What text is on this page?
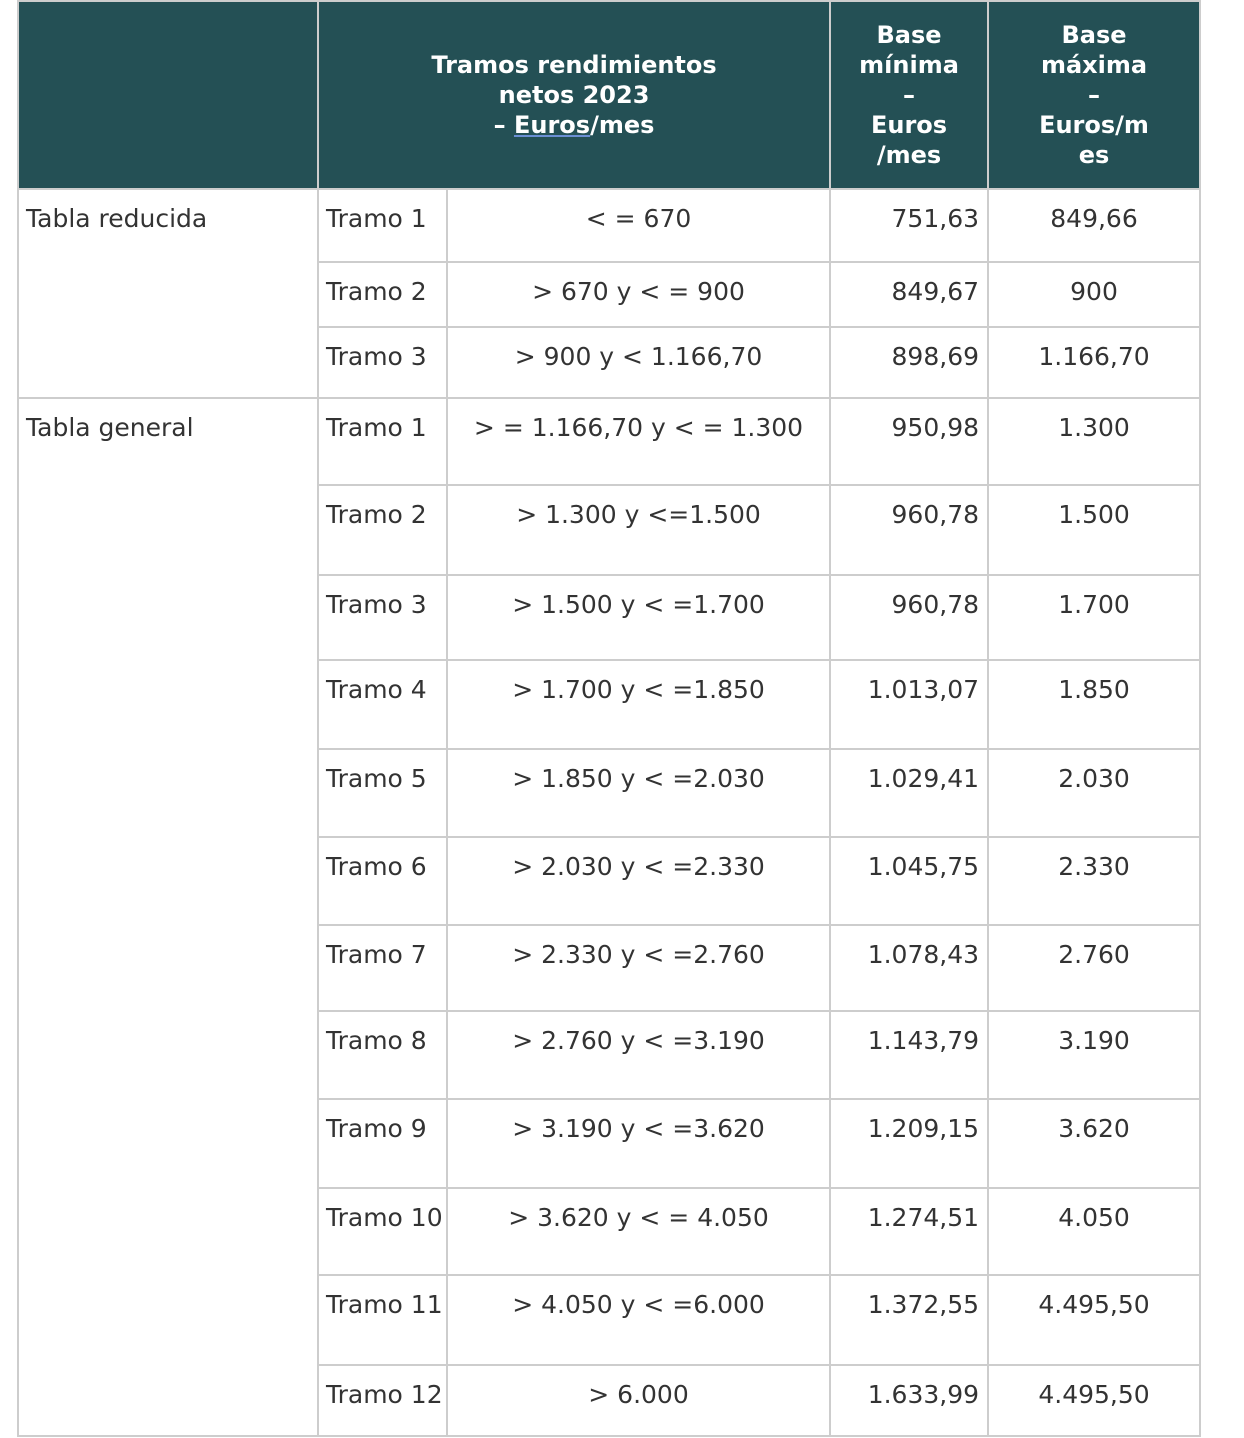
	Tramos rendimientos
netos 2023
– Euros/mes		Base
mínima
–
Euros
/mes	Base
máxima
–
Euros/m
es

Tabla reducida	Tramo 1	< = 670	751,63	849,66
	Tramo 2	> 670 y < = 900	849,67	900
	Tramo 3	> 900 y < 1.166,70	898,69	1.166,70
Tabla general	Tramo 1	> = 1.166,70 y < = 1.300	950,98	1.300
	Tramo 2	> 1.300 y <=1.500	960,78	1.500
	Tramo 3	> 1.500 y < =1.700	960,78	1.700
	Tramo 4	> 1.700 y < =1.850	1.013,07	1.850
	Tramo 5	> 1.850 y < =2.030	1.029,41	2.030
	Tramo 6	> 2.030 y < =2.330	1.045,75	2.330
	Tramo 7	> 2.330 y < =2.760	1.078,43	2.760
	Tramo 8	> 2.760 y < =3.190	1.143,79	3.190
	Tramo 9	> 3.190 y < =3.620	1.209,15	3.620
	Tramo 10	> 3.620 y < = 4.050	1.274,51	4.050
	Tramo 11	> 4.050 y < =6.000	1.372,55	4.495,50
	Tramo 12	> 6.000	1.633,99	4.495,50
